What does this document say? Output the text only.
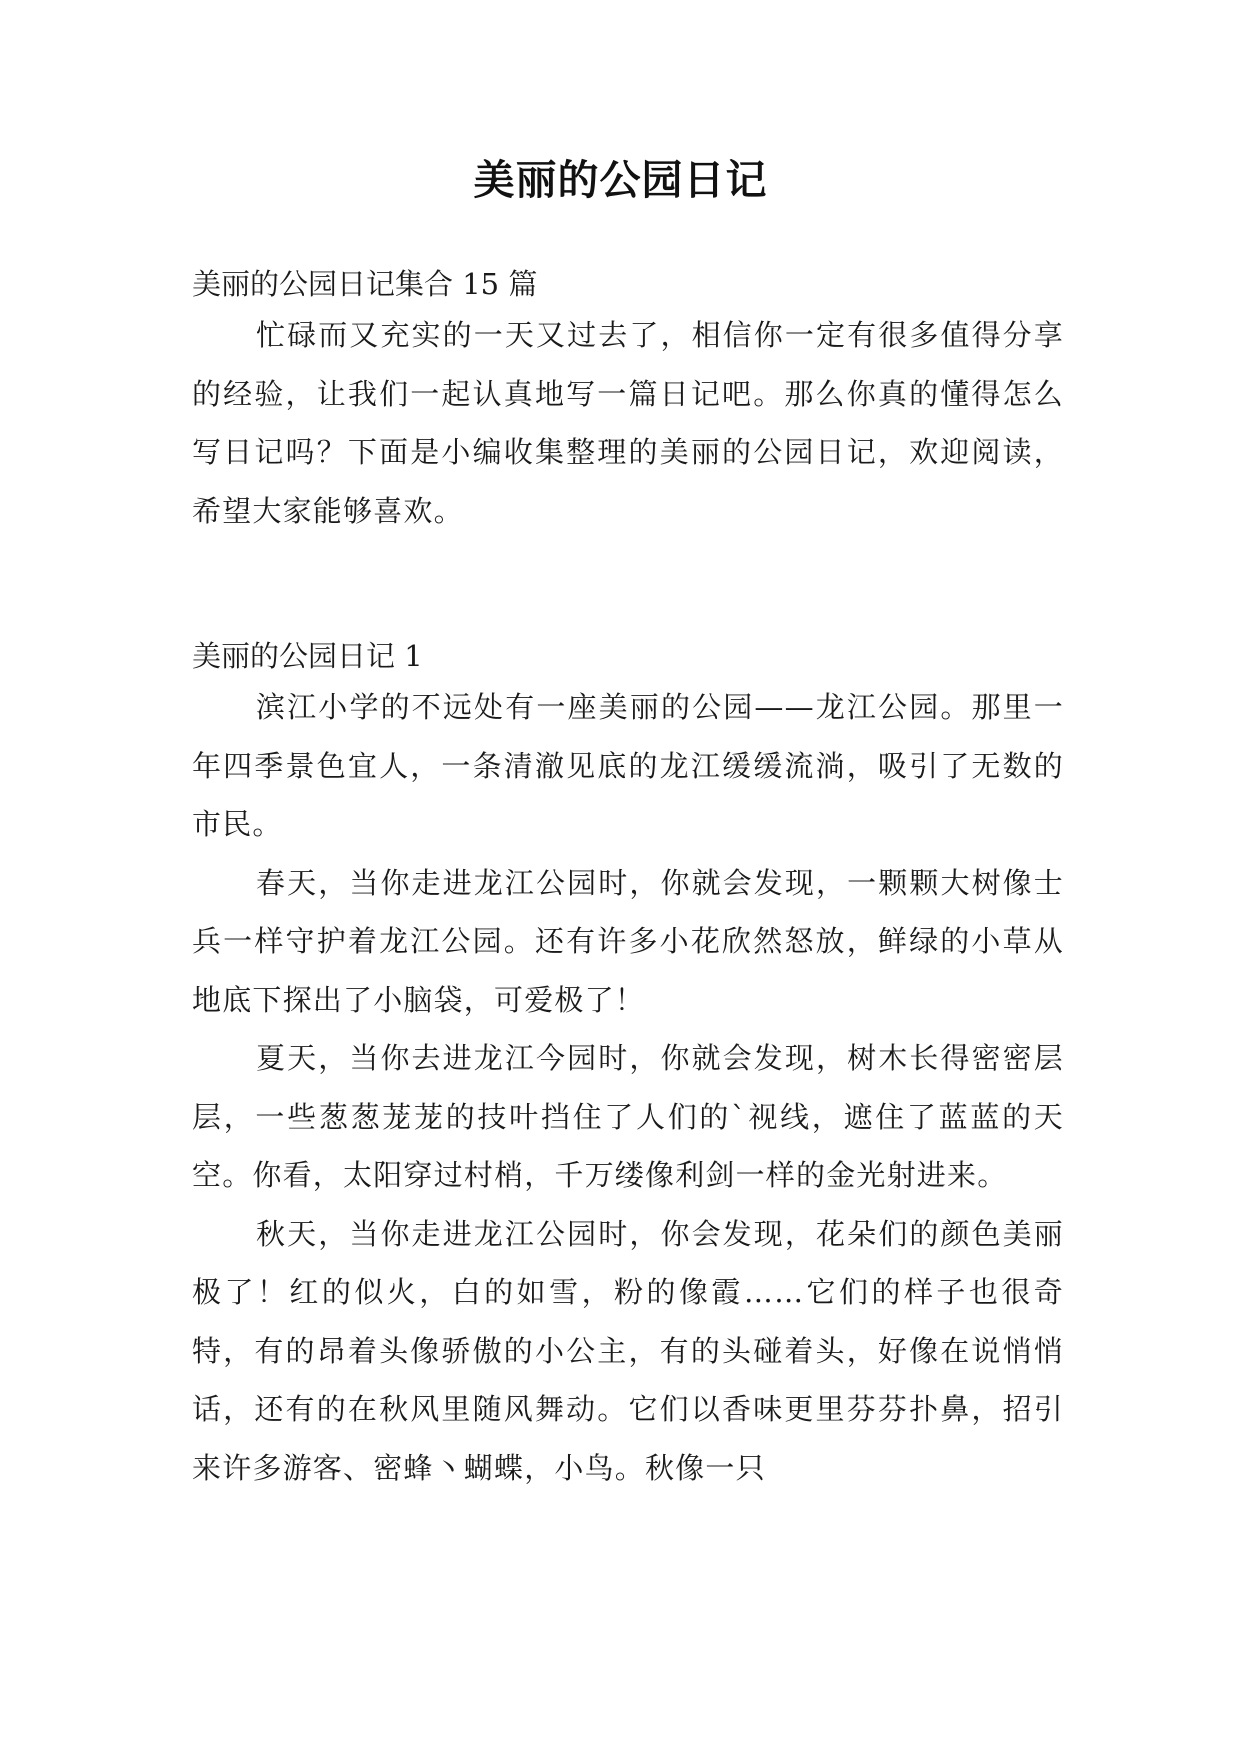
美丽的公园日记
美丽的公园日记集合 15 篇

忙碌而又充实的一天又过去了，相信你一定有很多值得分享的经验，让我们一起认真地写一篇日记吧。那么你真的懂得怎么写日记吗？下面是小编收集整理的美丽的公园日记，欢迎阅读，希望大家能够喜欢。

美丽的公园日记 1

滨江小学的不远处有一座美丽的公园——龙江公园。那里一年四季景色宜人，一条清澈见底的龙江缓缓流淌，吸引了无数的市民。

春天，当你走进龙江公园时，你就会发现，一颗颗大树像士兵一样守护着龙江公园。还有许多小花欣然怒放，鲜绿的小草从地底下探出了小脑袋，可爱极了！

夏天，当你去进龙江今园时，你就会发现，树木长得密密层层，一些葱葱茏茏的技叶挡住了人们的`视线，遮住了蓝蓝的天空。你看，太阳穿过村梢，千万缕像利剑一样的金光射进来。

秋天，当你走进龙江公园时，你会发现，花朵们的颜色美丽极了！红的似火，白的如雪，粉的像霞……它们的样子也很奇特，有的昂着头像骄傲的小公主，有的头碰着头，好像在说悄悄话，还有的在秋风里随风舞动。它们以香味更里芬芬扑鼻，招引来许多游客、密蜂丶蝴蝶，小鸟。秋像一只
